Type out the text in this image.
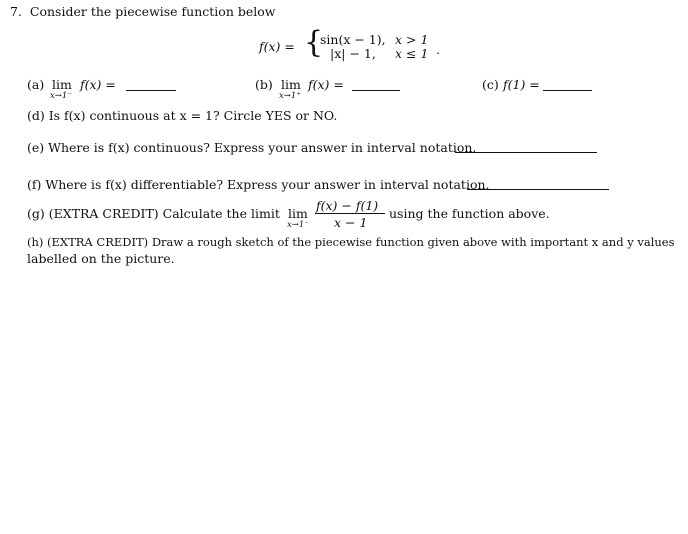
7. Consider the piecewise function below
f(x) = {
sin(x − 1), x > 1
|x| − 1, x ≤ 1 .
(a) lim
x→1⁻
f(x) =	(b) lim
x→1⁺
f(x) =	(c) f(1) =
(d) Is f(x) continuous at x = 1? Circle YES or NO.
(e) Where is f(x) continuous? Express your answer in interval notation.
(f) Where is f(x) differentiable? Express your answer in interval notation.
(g) (EXTRA CREDIT) Calculate the limit lim
x→1⁻
f(x) − f(1)
x − 1
using the function above.
(h) (EXTRA CREDIT) Draw a rough sketch of the piecewise function given above with important x and y values
labelled on the picture.
